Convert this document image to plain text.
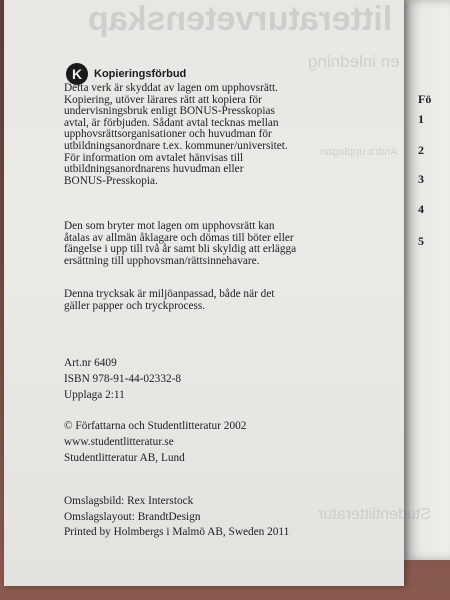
Fö
1
2
3
4
5
litteraturvetenskap
en inledning
Andra upplagan
Studentlitteratur
K	Kopieringsförbud
Detta verk är skyddat av lagen om upphovsrätt.
Kopiering, utöver lärares rätt att kopiera för
undervisningsbruk enligt BONUS-Presskopias
avtal, är förbjuden. Sådant avtal tecknas mellan
upphovsrättsorganisationer och huvudman för
utbildningsanordnare t.ex. kommuner/universitet.
För information om avtalet hänvisas till
utbildningsanordnarens huvudman eller
BONUS-Presskopia.
Den som bryter mot lagen om upphovsrätt kan
åtalas av allmän åklagare och dömas till böter eller
fängelse i upp till två år samt bli skyldig att erlägga
ersättning till upphovsman/rättsinnehavare.
Denna trycksak är miljöanpassad, både när det
gäller papper och tryckprocess.
Art.nr 6409
ISBN 978-91-44-02332-8
Upplaga 2:11
© Författarna och Studentlitteratur 2002
www.studentlitteratur.se
Studentlitteratur AB, Lund
Omslagsbild: Rex Interstock
Omslagslayout: BrandtDesign
Printed by Holmbergs i Malmö AB, Sweden 2011
